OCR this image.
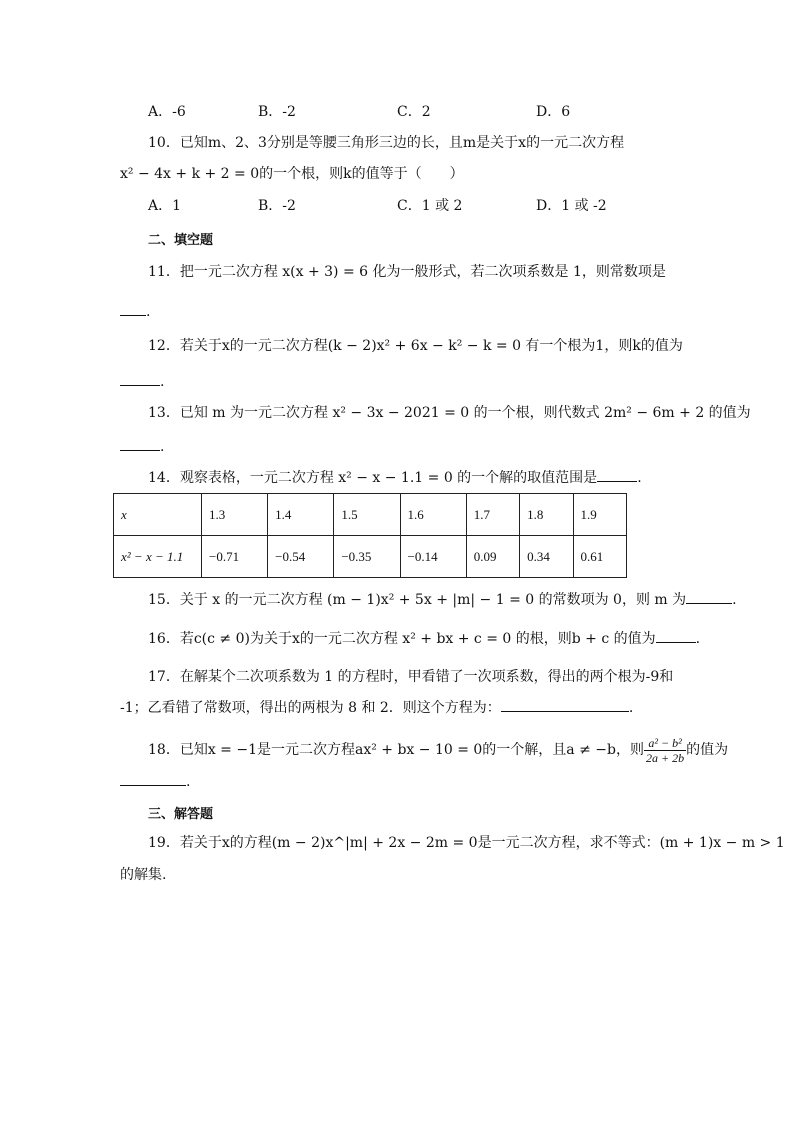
A．-6	B．-2	C．2	D．6
10．已知m、2、3分别是等腰三角形三边的长，且m是关于x的一元二次方程
x² − 4x + k + 2 = 0的一个根，则k的值等于（　　）
A．1	B．-2	C．1 或 2	D．1 或 -2
二、填空题
11．把一元二次方程 x(x + 3) = 6 化为一般形式，若二次项系数是 1，则常数项是
.
12．若关于x的一元二次方程(k − 2)x² + 6x − k² − k = 0 有一个根为1，则k的值为
.
13．已知 m 为一元二次方程 x² − 3x − 2021 = 0 的一个根，则代数式 2m² − 6m + 2 的值为
.
14．观察表格，一元二次方程 x² − x − 1.1 = 0 的一个解的取值范围是	.
x	1.3	1.4	1.5	1.6	1.7	1.8	1.9
x² − x − 1.1	−0.71	−0.54	−0.35	−0.14	0.09	0.34	0.61
15．关于 x 的一元二次方程 (m − 1)x² + 5x + |m| − 1 = 0 的常数项为 0，则 m 为	.
16．若c(c ≠ 0)为关于x的一元二次方程 x² + bx + c = 0 的根，则b + c 的值为	.
17．在解某个二次项系数为 1 的方程时，甲看错了一次项系数，得出的两个根为-9和
-1；乙看错了常数项，得出的两根为 8 和 2．则这个方程为：	.
18．已知x = −1是一元二次方程ax² + bx − 10 = 0的一个解，且a ≠ −b，则 $\frac{\text{a² − b²}}{2a + 2b}$ 的值为
.
三、解答题
19．若关于x的方程(m − 2)x^|m| + 2x − 2m = 0是一元二次方程，求不等式：(m + 1)x − m > 1
的解集.
